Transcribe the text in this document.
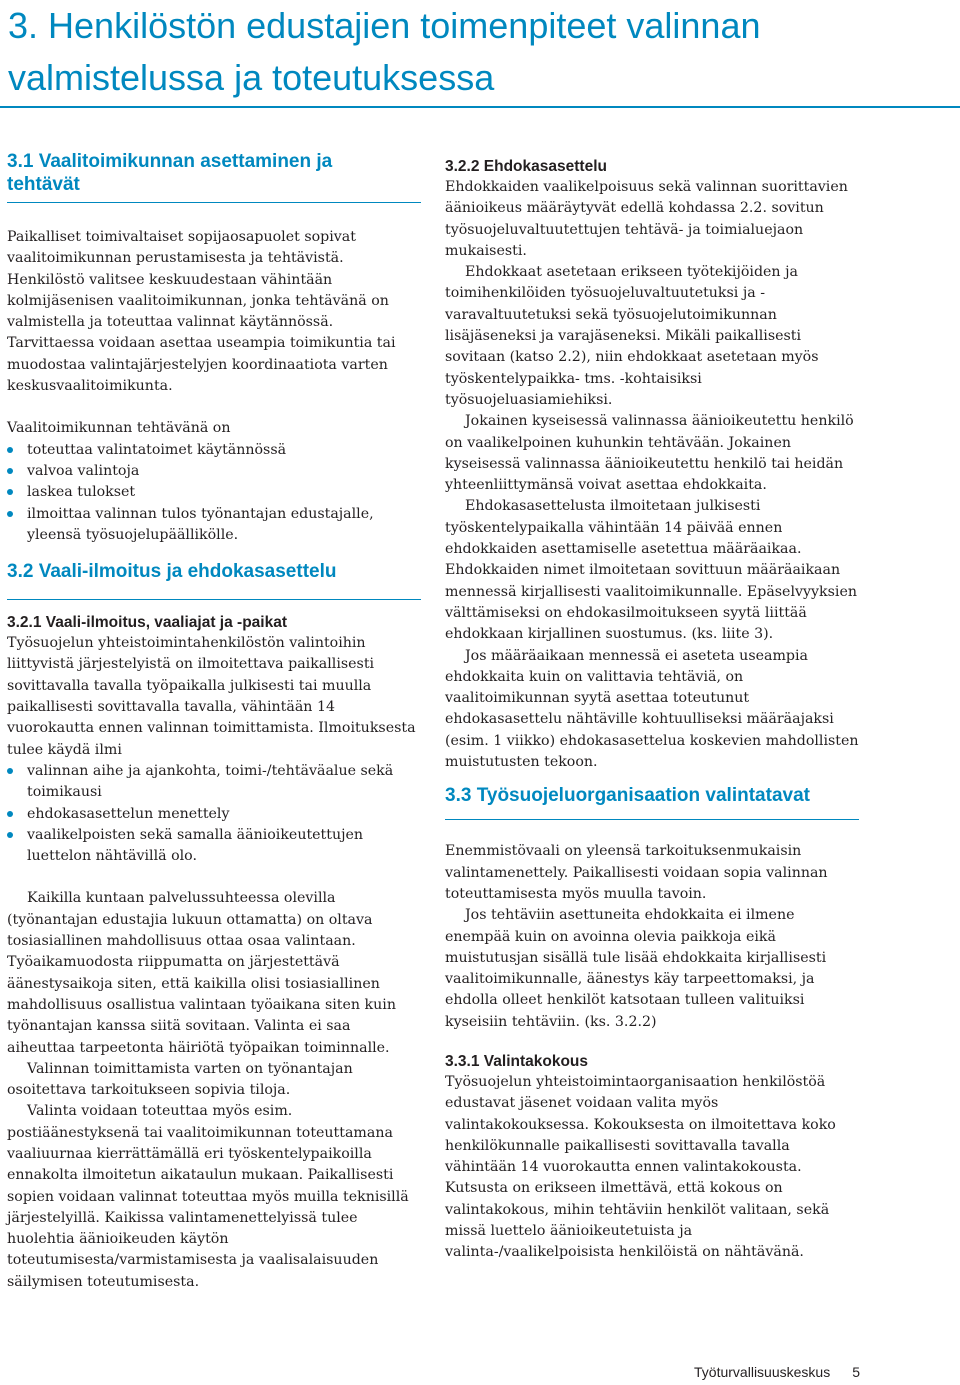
3. Henkilöstön edustajien toimenpiteet valinnan valmistelussa ja toteutuksessa
3.1 Vaalitoimikunnan asettaminen ja tehtävät

Paikalliset toimivaltaiset sopijaosapuolet sopivat vaalitoimikunnan perustamisesta ja tehtävistä. Henkilöstö valitsee keskuudestaan vähintään kolmijäsenisen vaalitoimikunnan, jonka tehtävänä on valmistella ja toteuttaa valinnat käytännössä. Tarvittaessa voidaan asettaa useampia toimikuntia tai muodostaa valintajärjestelyjen koordinaatiota varten keskusvaalitoimikunta.

Vaalitoimikunnan tehtävänä on

toteuttaa valintatoimet käytännössä
valvoa valintoja
laskea tulokset
ilmoittaa valinnan tulos työnantajan edustajalle, yleensä työsuojelupäällikölle.
3.2 Vaali-ilmoitus ja ehdokasasettelu
3.2.1 Vaali-ilmoitus, vaaliajat ja -paikat

Työsuojelun yhteistoimintahenkilöstön valintoihin liittyvistä järjestelyistä on ilmoitettava paikallisesti sovittavalla tavalla työpaikalla julkisesti tai muulla paikallisesti sovittavalla tavalla, vähintään 14 vuorokautta ennen valinnan toimittamista. Ilmoituksesta tulee käydä ilmi

valinnan aihe ja ajankohta, toimi-/tehtäväalue sekä toimikausi
ehdokasasettelun menettely
vaalikelpoisten sekä samalla äänioikeutettujen luettelon nähtävillä olo.

Kaikilla kuntaan palvelussuhteessa olevilla (työnantajan edustajia lukuun ottamatta) on oltava tosiasiallinen mahdollisuus ottaa osaa valintaan. Työaikamuodosta riippumatta on järjestettävä äänestysaikoja siten, että kaikilla olisi tosiasiallinen mahdollisuus osallistua valintaan työaikana siten kuin työnantajan kanssa siitä sovitaan. Valinta ei saa aiheuttaa tarpeetonta häiriötä työpaikan toiminnalle.

Valinnan toimittamista varten on työnantajan osoitettava tarkoitukseen sopivia tiloja.

Valinta voidaan toteuttaa myös esim. postiäänestyksenä tai vaalitoimikunnan toteuttamana vaaliuurnaa kierrättämällä eri työskentelypaikoilla ennakolta ilmoitetun aikataulun mukaan. Paikallisesti sopien voidaan valinnat toteuttaa myös muilla teknisillä järjestelyillä. Kaikissa valintamenettelyissä tulee huolehtia äänioikeuden käytön toteutumisesta/varmistamisesta ja vaalisalaisuuden säilymisen toteutumisesta.

3.2.2 Ehdokasasettelu

Ehdokkaiden vaalikelpoisuus sekä valinnan suorittavien äänioikeus määräytyvät edellä kohdassa 2.2. sovitun työsuojeluvaltuutettujen tehtävä- ja toimialuejaon mukaisesti.

Ehdokkaat asetetaan erikseen työtekijöiden ja toimihenkilöiden työsuojeluvaltuutetuksi ja -varavaltuutetuksi sekä työsuojelutoimikunnan lisäjäseneksi ja varajäseneksi. Mikäli paikallisesti sovitaan (katso 2.2), niin ehdokkaat asetetaan myös työskentelypaikka- tms. -kohtaisiksi työsuojeluasiamiehiksi.

Jokainen kyseisessä valinnassa äänioikeutettu henkilö on vaalikelpoinen kuhunkin tehtävään. Jokainen kyseisessä valinnassa äänioikeutettu henkilö tai heidän yhteenliittymänsä voivat asettaa ehdokkaita.

Ehdokasasettelusta ilmoitetaan julkisesti työskentelypaikalla vähintään 14 päivää ennen ehdokkaiden asettamiselle asetettua määräaikaa. Ehdokkaiden nimet ilmoitetaan sovittuun määräaikaan mennessä kirjallisesti vaalitoimikunnalle. Epäselvyyksien välttämiseksi on ehdokasilmoitukseen syytä liittää ehdokkaan kirjallinen suostumus. (ks. liite 3).

Jos määräaikaan mennessä ei aseteta useampia ehdokkaita kuin on valittavia tehtäviä, on vaalitoimikunnan syytä asettaa toteutunut ehdokasasettelu nähtäville kohtuulliseksi määräajaksi (esim. 1 viikko) ehdokasasettelua koskevien mahdollisten muistutusten tekoon.

3.3 Työsuojeluorganisaation valintatavat

Enemmistövaali on yleensä tarkoituksenmukaisin valintamenettely. Paikallisesti voidaan sopia valinnan toteuttamisesta myös muulla tavoin.

Jos tehtäviin asettuneita ehdokkaita ei ilmene enempää kuin on avoinna olevia paikkoja eikä muistutusjan sisällä tule lisää ehdokkaita kirjallisesti vaalitoimikunnalle, äänestys käy tarpeettomaksi, ja ehdolla olleet henkilöt katsotaan tulleen valituiksi kyseisiin tehtäviin. (ks. 3.2.2)

3.3.1 Valintakokous

Työsuojelun yhteistoimintaorganisaation henkilöstöä edustavat jäsenet voidaan valita myös valintakokouksessa. Kokouksesta on ilmoitettava koko henkilökunnalle paikallisesti sovittavalla tavalla vähintään 14 vuorokautta ennen valintakokousta. Kutsusta on erikseen ilmettävä, että kokous on valintakokous, mihin tehtäviin henkilöt valitaan, sekä missä luettelo äänioikeutetuista ja valinta-/vaalikelpoisista henkilöistä on nähtävänä.

Työturvallisuuskeskus 5
